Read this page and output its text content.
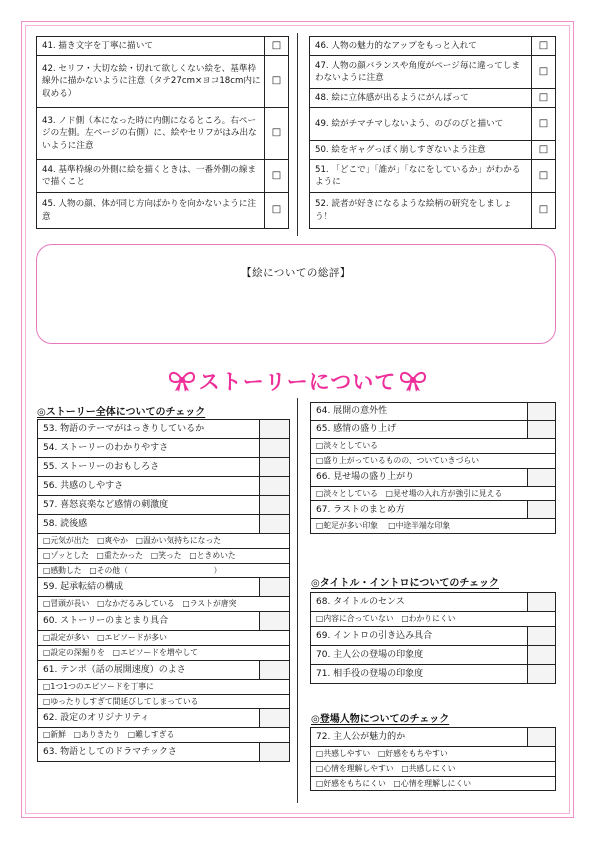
41. 描き文字を丁寧に描いて	□
42. セリフ・大切な絵・切れて欲しくない絵を、基準枠線外に描かないように注意（タテ27cm×ヨコ18cm内に収める）	□
43. ノド側（本になった時に内側になるところ。右ページの左側。左ページの右側）に、絵やセリフがはみ出ないように注意	□
44. 基準枠線の外側に絵を描くときは、一番外側の線まで描くこと	□
45. 人物の顔、体が同じ方向ばかりを向かないように注意	□
46. 人物の魅力的なアップをもっと入れて	□
47. 人物の顔バランスや角度がページ毎に違ってしまわないように注意	□
48. 絵に立体感が出るようにがんばって	□
49. 絵がチマチマしないよう、のびのびと描いて	□
50. 絵をギャグっぽく崩しすぎないよう注意	□
51. 「どこで」「誰が」「なにをしているか」がわかるように	□
52. 読者が好きになるような絵柄の研究をしましょう！	□
【絵についての総評】
ストーリーについて
◎ストーリー全体についてのチェック
53. 物語のテーマがはっきりしているか	
54. ストーリーのわかりやすさ	
55. ストーリーのおもしろさ	
56. 共感のしやすさ	
57. 喜怒哀楽など感情の刺激度	
58. 読後感	
□元気が出た　□爽やか　□温かい気持ちになった	
□ゾッとした　□重たかった　□笑った　□ときめいた	
□感動した　□その他（　　　　　　　　　　　）	
59. 起承転結の構成	
□冒頭が長い　□なかだるみしている　□ラストが唐突	
60. ストーリーのまとまり具合	
□設定が多い　□エピソードが多い	
□設定の深掘りを　□エピソードを増やして	
61. テンポ（話の展開速度）のよさ	
□1つ1つのエピソードを丁寧に	
□ゆったりしすぎて間延びしてしまっている	
62. 設定のオリジナリティ	
□新鮮　□ありきたり　□難しすぎる	
63. 物語としてのドラマチックさ	
64. 展開の意外性	
65. 感情の盛り上げ	
□淡々としている	
□盛り上がっているものの、ついていきづらい	
66. 見せ場の盛り上がり	
□淡々としている　□見せ場の入れ方が強引に見える	
67. ラストのまとめ方	
□蛇足が多い印象　 □中途半端な印象	
◎タイトル・イントロについてのチェック
68. タイトルのセンス	
□内容に合っていない　□わかりにくい	
69. イントロの引き込み具合	
70. 主人公の登場の印象度	
71. 相手役の登場の印象度	
◎登場人物についてのチェック
72. 主人公が魅力的か	
□共感しやすい　□好感をもちやすい
□心情を理解しやすい　□共感しにくい
□好感をもちにくい　□心情を理解しにくい
